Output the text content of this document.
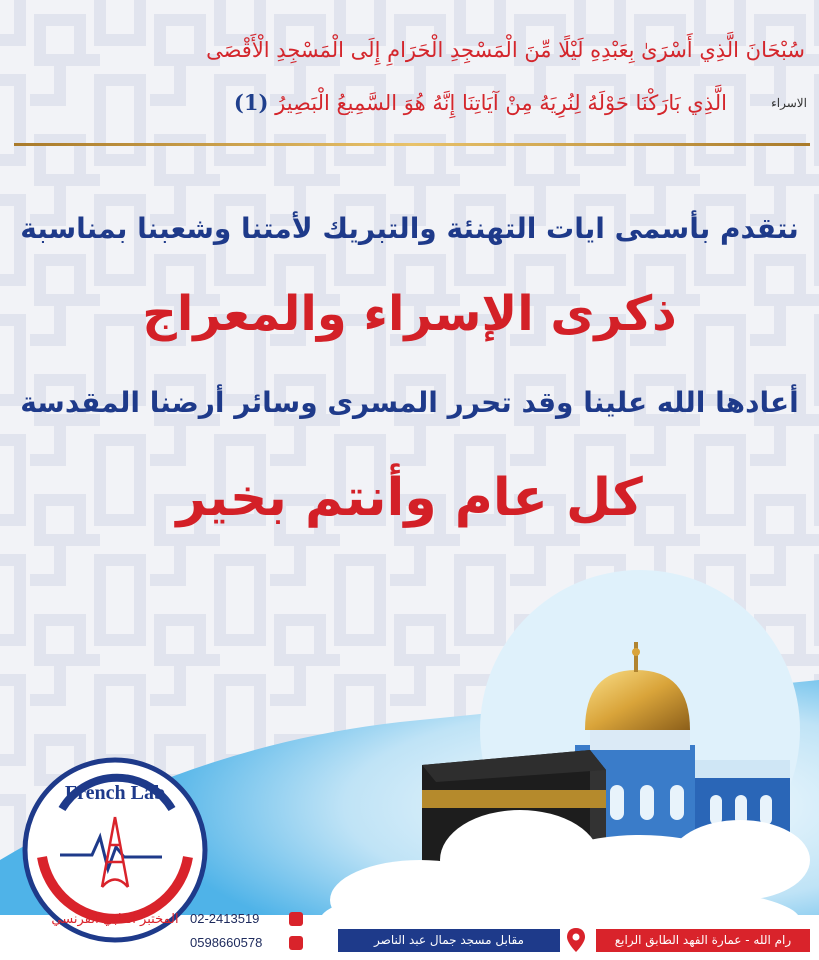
سُبْحَانَ الَّذِي أَسْرَىٰ بِعَبْدِهِ لَيْلًا مِّنَ الْمَسْجِدِ الْحَرَامِ إِلَى الْمَسْجِدِ الْأَقْصَى
الَّذِي بَارَكْنَا حَوْلَهُ لِنُرِيَهُ مِنْ آيَاتِنَا إِنَّهُ هُوَ السَّمِيعُ الْبَصِيرُ (1)	الاسراء
نتقدم بأسمى ايات التهنئة والتبريك لأمتنا وشعبنا بمناسبة
ذكرى الإسراء والمعراج
أعادها الله علينا وقد تحرر المسرى وسائر أرضنا المقدسة
كل عام وأنتم بخير
French Lab
المختبر الطبي الفرنسي 02-2413519
0598660578	مقابل مسجد جمال عبد الناصر	رام الله - عمارة الفهد الطابق الرابع
